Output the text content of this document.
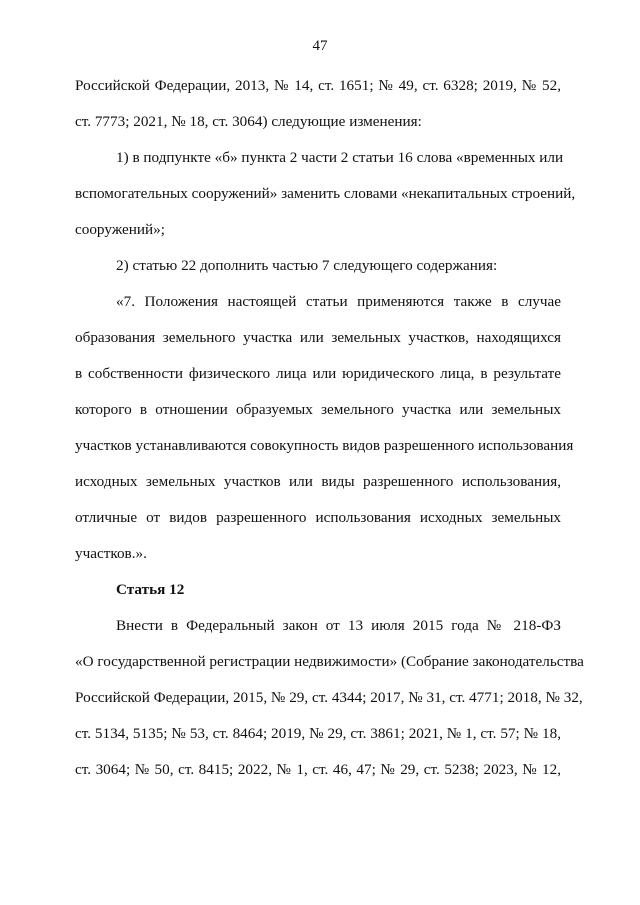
47
Российской Федерации, 2013, № 14, ст. 1651; № 49, ст. 6328; 2019, № 52,
ст. 7773; 2021, № 18, ст. 3064) следующие изменения:
1) в подпункте «б» пункта 2 части 2 статьи 16 слова «временных или
вспомогательных сооружений» заменить словами «некапитальных строений,
сооружений»;
2) статью 22 дополнить частью 7 следующего содержания:
«7. Положения настоящей статьи применяются также в случае
образования земельного участка или земельных участков, находящихся
в собственности физического лица или юридического лица, в результате
которого в отношении образуемых земельного участка или земельных
участков устанавливаются совокупность видов разрешенного использования
исходных земельных участков или виды разрешенного использования,
отличные от видов разрешенного использования исходных земельных
участков.».
Статья 12
Внести в Федеральный закон от 13 июля 2015 года № 218-ФЗ
«О государственной регистрации недвижимости» (Собрание законодательства
Российской Федерации, 2015, № 29, ст. 4344; 2017, № 31, ст. 4771; 2018, № 32,
ст. 5134, 5135; № 53, ст. 8464; 2019, № 29, ст. 3861; 2021, № 1, ст. 57; № 18,
ст. 3064; № 50, ст. 8415; 2022, № 1, ст. 46, 47; № 29, ст. 5238; 2023, № 12,
